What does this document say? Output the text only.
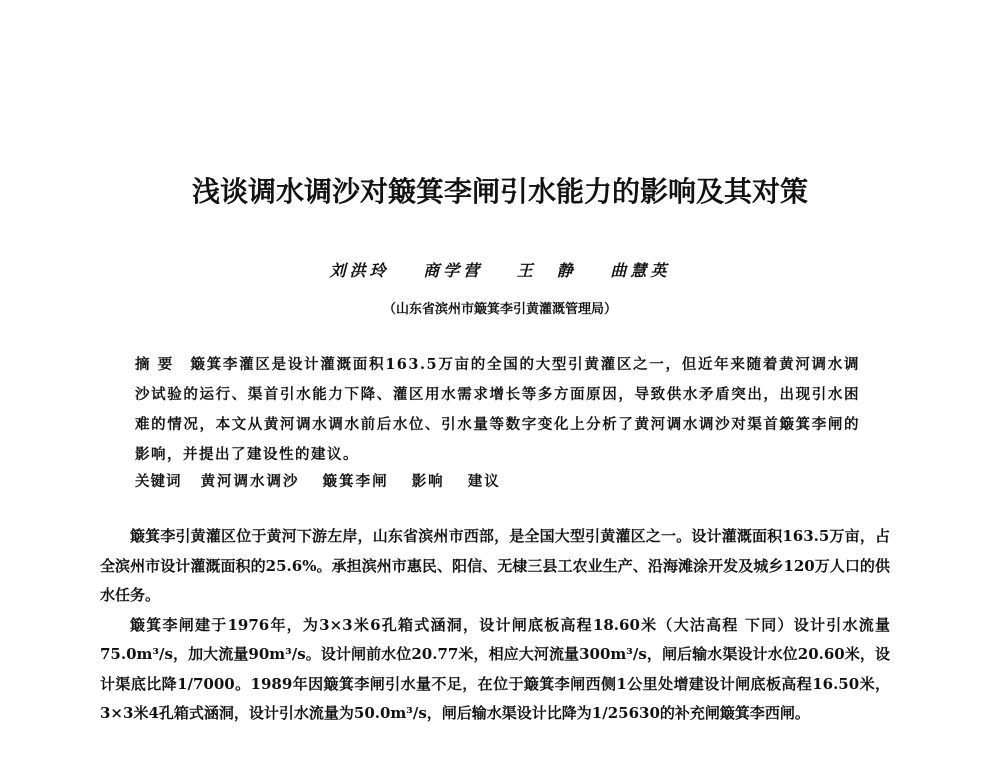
浅谈调水调沙对簸箕李闸引水能力的影响及其对策
刘洪玲 商学营 王　静 曲慧英
（山东省滨州市簸箕李引黄灌溉管理局）
摘要 簸箕李灌区是设计灌溉面积163.5万亩的全国的大型引黄灌区之一，但近年来随着黄河调水调沙试验的运行、渠首引水能力下降、灌区用水需求增长等多方面原因，导致供水矛盾突出，出现引水困难的情况，本文从黄河调水调水前后水位、引水量等数字变化上分析了黄河调水调沙对渠首簸箕李闸的影响，并提出了建设性的建议。
关键词 黄河调水调沙 簸箕李闸 影响 建议

簸箕李引黄灌区位于黄河下游左岸，山东省滨州市西部，是全国大型引黄灌区之一。设计灌溉面积163.5万亩，占全滨州市设计灌溉面积的25.6%。承担滨州市惠民、阳信、无棣三县工农业生产、沿海滩涂开发及城乡120万人口的供水任务。

簸箕李闸建于1976年，为3×3米6孔箱式涵洞，设计闸底板高程18.60米（大沽高程 下同）设计引水流量75.0m³/s，加大流量90m³/s。设计闸前水位20.77米，相应大河流量300m³/s，闸后输水渠设计水位20.60米，设计渠底比降1/7000。1989年因簸箕李闸引水量不足，在位于簸箕李闸西侧1公里处增建设计闸底板高程16.50米，3×3米4孔箱式涵洞，设计引水流量为50.0m³/s，闸后输水渠设计比降为1/25630的补充闸簸箕李西闸。
